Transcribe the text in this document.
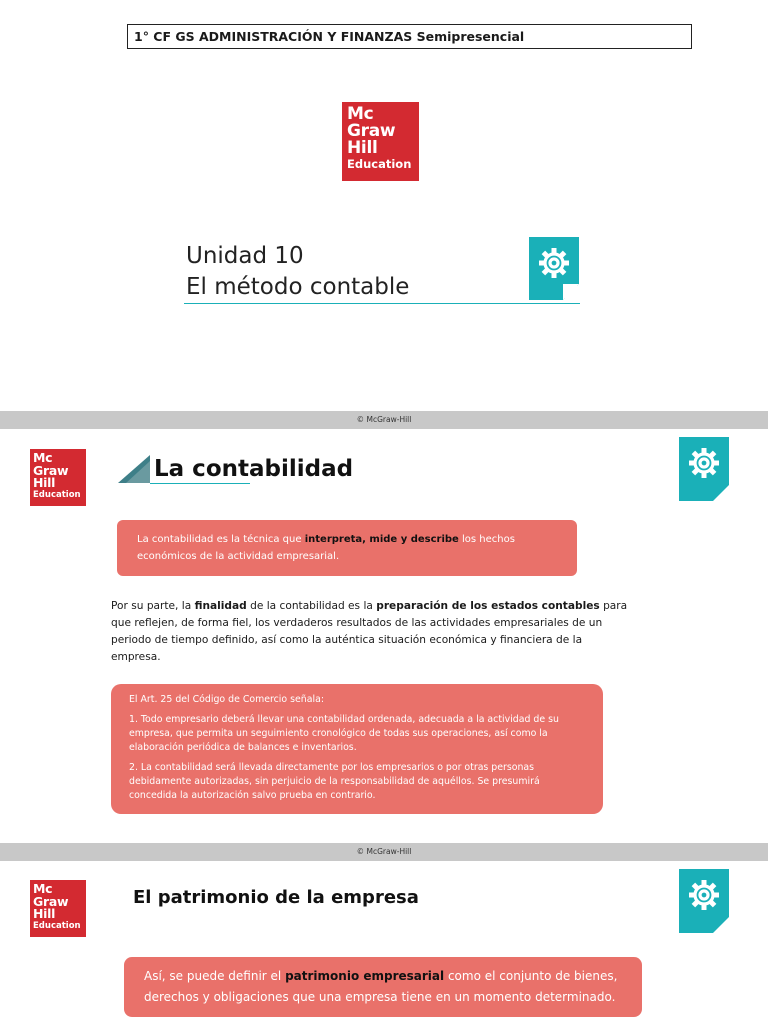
1° CF GS ADMINISTRACIÓN Y FINANZAS Semipresencial
Mc
Graw
Hill
Education
Unidad 10
El método contable
© McGraw-Hill
Mc
Graw
Hill
Education
La contabilidad
La contabilidad es la técnica que interpreta, mide y describe los hechos económicos de la actividad empresarial.
Por su parte, la finalidad de la contabilidad es la preparación de los estados contables para que reflejen, de forma fiel, los verdaderos resultados de las actividades empresariales de un periodo de tiempo definido, así como la auténtica situación económica y financiera de la empresa.
El Art. 25 del Código de Comercio señala:
1. Todo empresario deberá llevar una contabilidad ordenada, adecuada a la actividad de su empresa, que permita un seguimiento cronológico de todas sus operaciones, así como la elaboración periódica de balances e inventarios.
2. La contabilidad será llevada directamente por los empresarios o por otras personas debidamente autorizadas, sin perjuicio de la responsabilidad de aquéllos. Se presumirá concedida la autorización salvo prueba en contrario.
© McGraw-Hill
Mc
Graw
Hill
Education
El patrimonio de la empresa
Así, se puede definir el patrimonio empresarial como el conjunto de bienes, derechos y obligaciones que una empresa tiene en un momento determinado.
